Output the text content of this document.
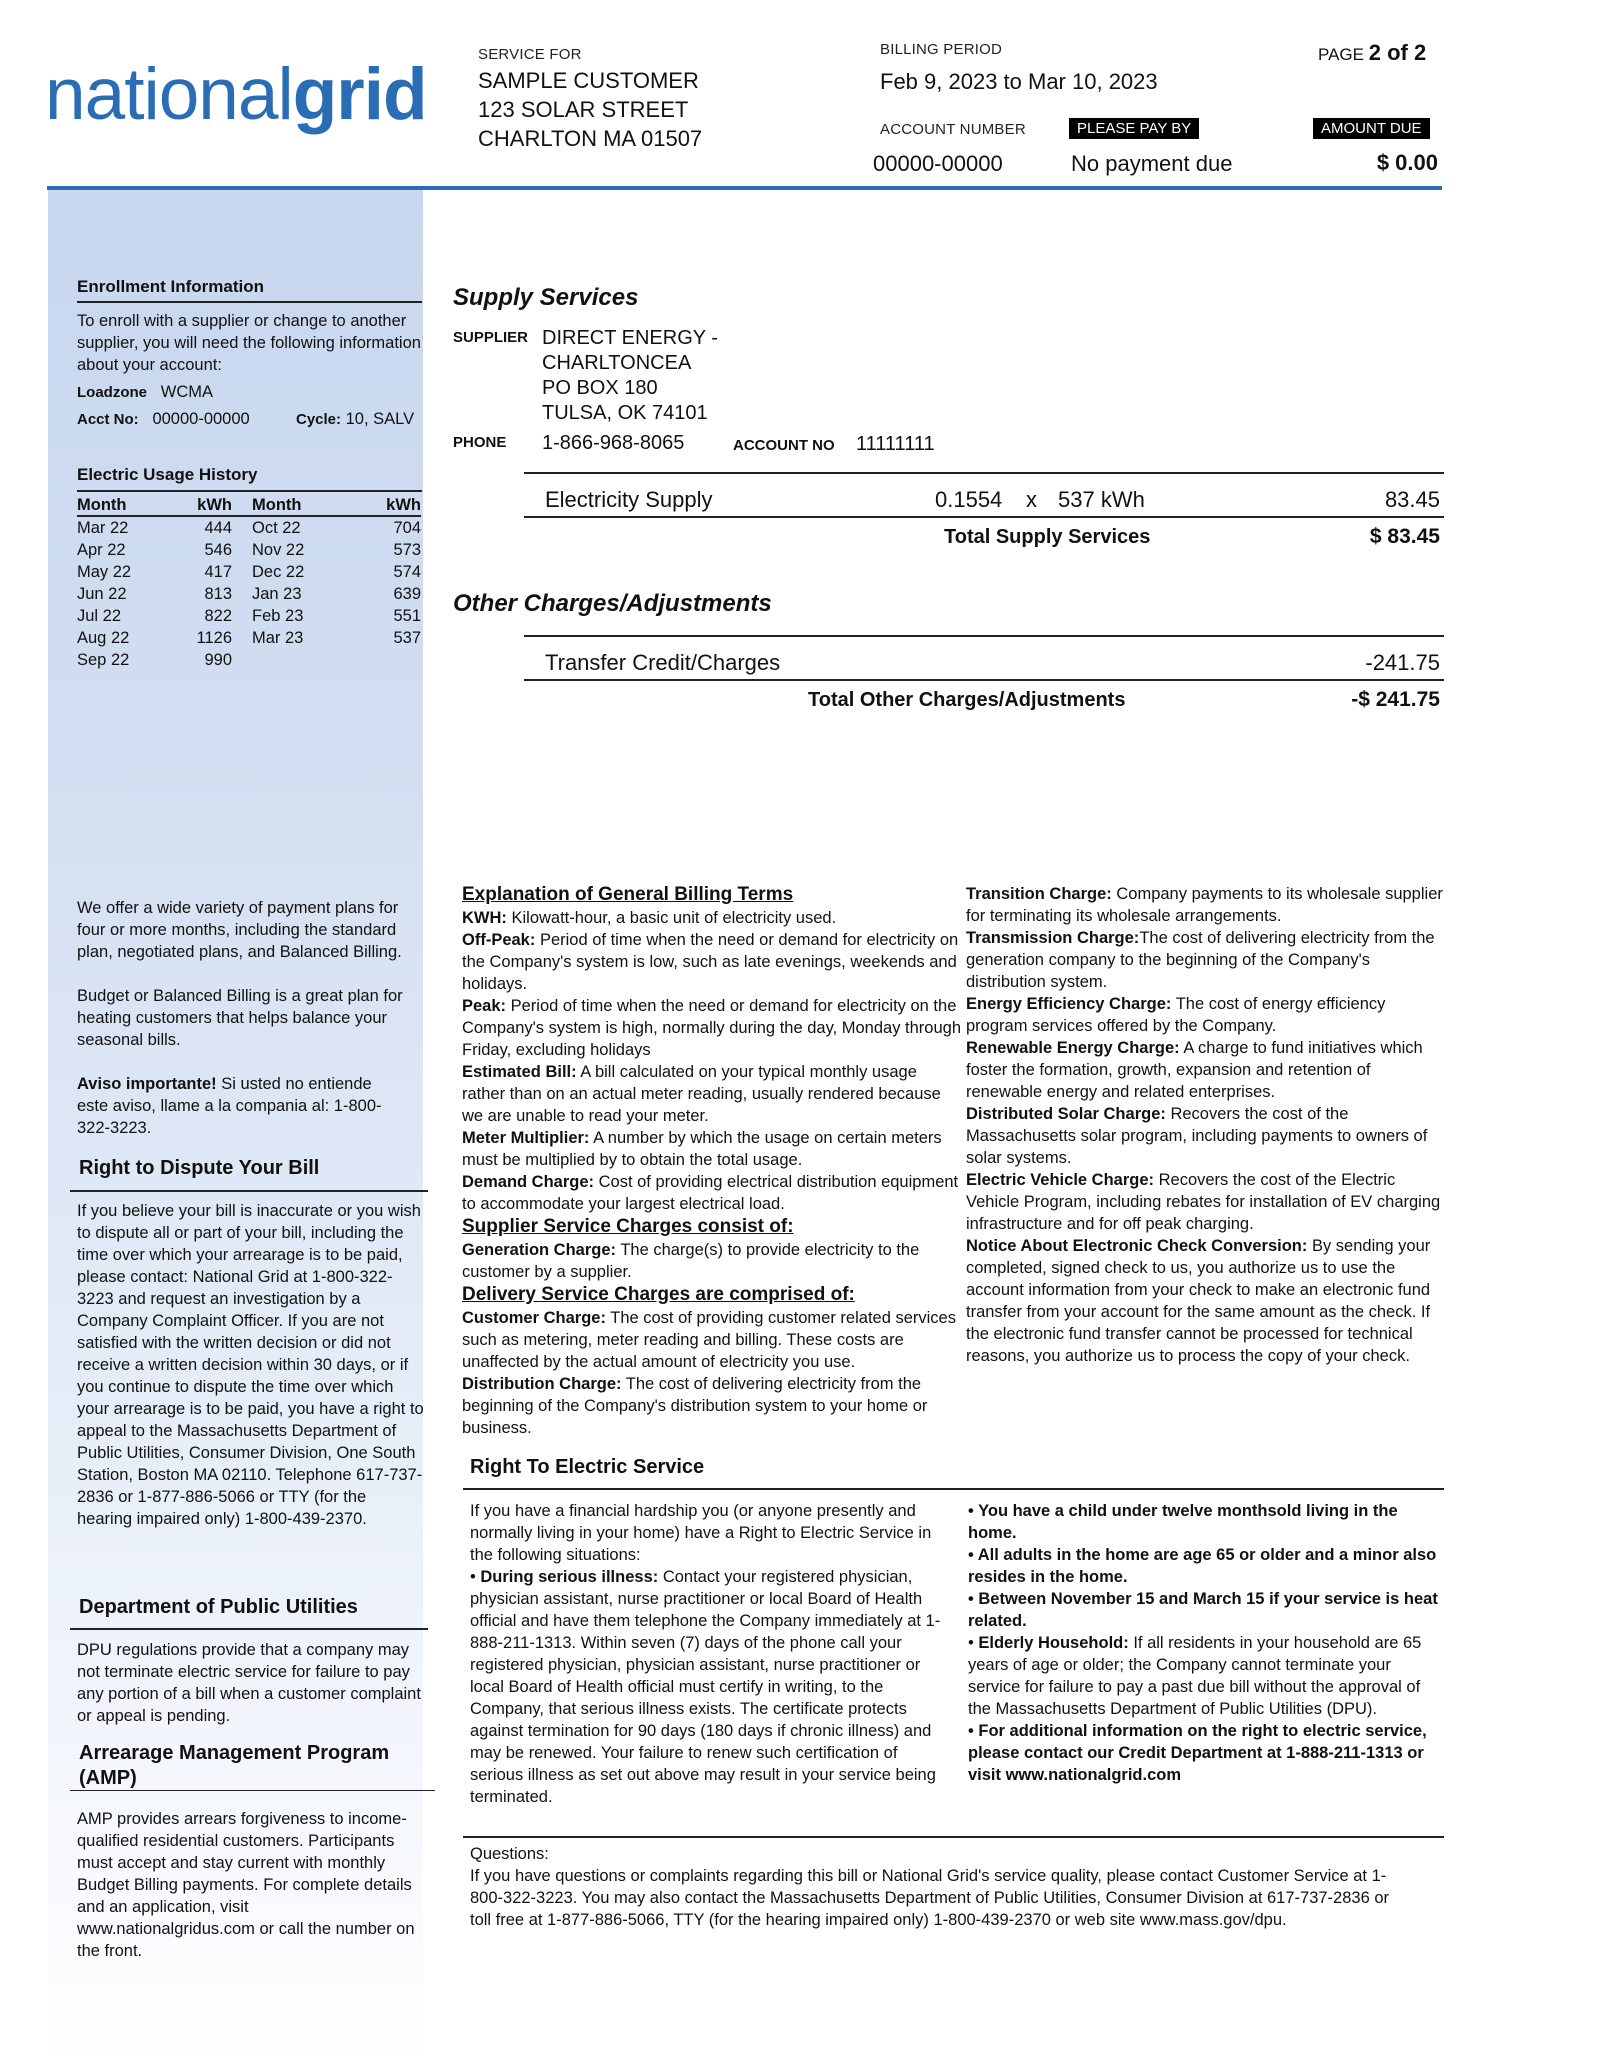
nationalgrid	SERVICE FOR
SAMPLE CUSTOMER
123 SOLAR STREET
CHARLTON MA 01507
BILLING PERIOD
Feb 9, 2023 to Mar 10, 2023
PAGE 2 of 2
ACCOUNT NUMBER
00000-00000
PLEASE PAY BY
No payment due
AMOUNT DUE
$ 0.00
Enrollment Information
To enroll with a supplier or change to another supplier, you will need the following information about your account:
Loadzone WCMA
Acct No: 00000-00000	Cycle: 10, SALV
Electric Usage History
Month	kWh	Month	kWh

Mar 22	444	Oct 22	704
Apr 22	546	Nov 22	573
May 22	417	Dec 22	574
Jun 22	813	Jan 23	639
Jul 22	822	Feb 23	551
Aug 22	1126	Mar 23	537
Sep 22	990		
We offer a wide variety of payment plans for four or more months, including the standard plan, negotiated plans, and Balanced Billing.
Budget or Balanced Billing is a great plan for heating customers that helps balance your seasonal bills.
Aviso importante! Si usted no entiende este aviso, llame a la compania al: 1-800-322-3223.
Right to Dispute Your Bill
If you believe your bill is inaccurate or you wish to dispute all or part of your bill, including the time over which your arrearage is to be paid, please contact: National Grid at 1-800-322-3223 and request an investigation by a Company Complaint Officer. If you are not satisfied with the written decision or did not receive a written decision within 30 days, or if you continue to dispute the time over which your arrearage is to be paid, you have a right to appeal to the Massachusetts Department of Public Utilities, Consumer Division, One South Station, Boston MA 02110. Telephone 617-737-2836 or 1-877-886-5066 or TTY (for the hearing impaired only) 1-800-439-2370.
Department of Public Utilities
DPU regulations provide that a company may not terminate electric service for failure to pay any portion of a bill when a customer complaint or appeal is pending.
Arrearage Management Program (AMP)
AMP provides arrears forgiveness to income-qualified residential customers. Participants must accept and stay current with monthly Budget Billing payments. For complete details and an application, visit www.nationalgridus.com or call the number on the front.
Supply Services
SUPPLIER DIRECT ENERGY -
CHARLTONCEA
PO BOX 180
TULSA, OK 74101
PHONE 1-866-968-8065	ACCOUNT NO 11111111
Electricity Supply	0.1554 x 537 kWh	83.45
Total Supply Services	$ 83.45
Other Charges/Adjustments
Transfer Credit/Charges	-241.75
Total Other Charges/Adjustments	-$ 241.75
Explanation of General Billing Terms
KWH: Kilowatt-hour, a basic unit of electricity used.
Off-Peak: Period of time when the need or demand for electricity on the Company's system is low, such as late evenings, weekends and holidays.
Peak: Period of time when the need or demand for electricity on the Company's system is high, normally during the day, Monday through Friday, excluding holidays
Estimated Bill: A bill calculated on your typical monthly usage rather than on an actual meter reading, usually rendered because we are unable to read your meter.
Meter Multiplier: A number by which the usage on certain meters must be multiplied by to obtain the total usage.
Demand Charge: Cost of providing electrical distribution equipment to accommodate your largest electrical load.
Supplier Service Charges consist of:
Generation Charge: The charge(s) to provide electricity to the customer by a supplier.
Delivery Service Charges are comprised of:
Customer Charge: The cost of providing customer related services such as metering, meter reading and billing. These costs are unaffected by the actual amount of electricity you use.
Distribution Charge: The cost of delivering electricity from the beginning of the Company's distribution system to your home or business.
Transition Charge: Company payments to its wholesale supplier for terminating its wholesale arrangements.
Transmission Charge:The cost of delivering electricity from the generation company to the beginning of the Company's distribution system.
Energy Efficiency Charge: The cost of energy efficiency program services offered by the Company.
Renewable Energy Charge: A charge to fund initiatives which foster the formation, growth, expansion and retention of renewable energy and related enterprises.
Distributed Solar Charge: Recovers the cost of the Massachusetts solar program, including payments to owners of solar systems.
Electric Vehicle Charge: Recovers the cost of the Electric Vehicle Program, including rebates for installation of EV charging infrastructure and for off peak charging.
Notice About Electronic Check Conversion: By sending your completed, signed check to us, you authorize us to use the account information from your check to make an electronic fund transfer from your account for the same amount as the check. If the electronic fund transfer cannot be processed for technical reasons, you authorize us to process the copy of your check.
Right To Electric Service
If you have a financial hardship you (or anyone presently and normally living in your home) have a Right to Electric Service in the following situations:
• During serious illness: Contact your registered physician, physician assistant, nurse practitioner or local Board of Health official and have them telephone the Company immediately at 1-888-211-1313. Within seven (7) days of the phone call your registered physician, physician assistant, nurse practitioner or local Board of Health official must certify in writing, to the Company, that serious illness exists. The certificate protects against termination for 90 days (180 days if chronic illness) and may be renewed. Your failure to renew such certification of serious illness as set out above may result in your service being terminated.
• You have a child under twelve monthsold living in the home.
• All adults in the home are age 65 or older and a minor also resides in the home.
• Between November 15 and March 15 if your service is heat related.
• Elderly Household: If all residents in your household are 65 years of age or older; the Company cannot terminate your service for failure to pay a past due bill without the approval of the Massachusetts Department of Public Utilities (DPU).
• For additional information on the right to electric service, please contact our Credit Department at 1-888-211-1313 or visit www.nationalgrid.com
Questions:
If you have questions or complaints regarding this bill or National Grid's service quality, please contact Customer Service at 1-800-322-3223. You may also contact the Massachusetts Department of Public Utilities, Consumer Division at 617-737-2836 or toll free at 1-877-886-5066, TTY (for the hearing impaired only) 1-800-439-2370 or web site www.mass.gov/dpu.
